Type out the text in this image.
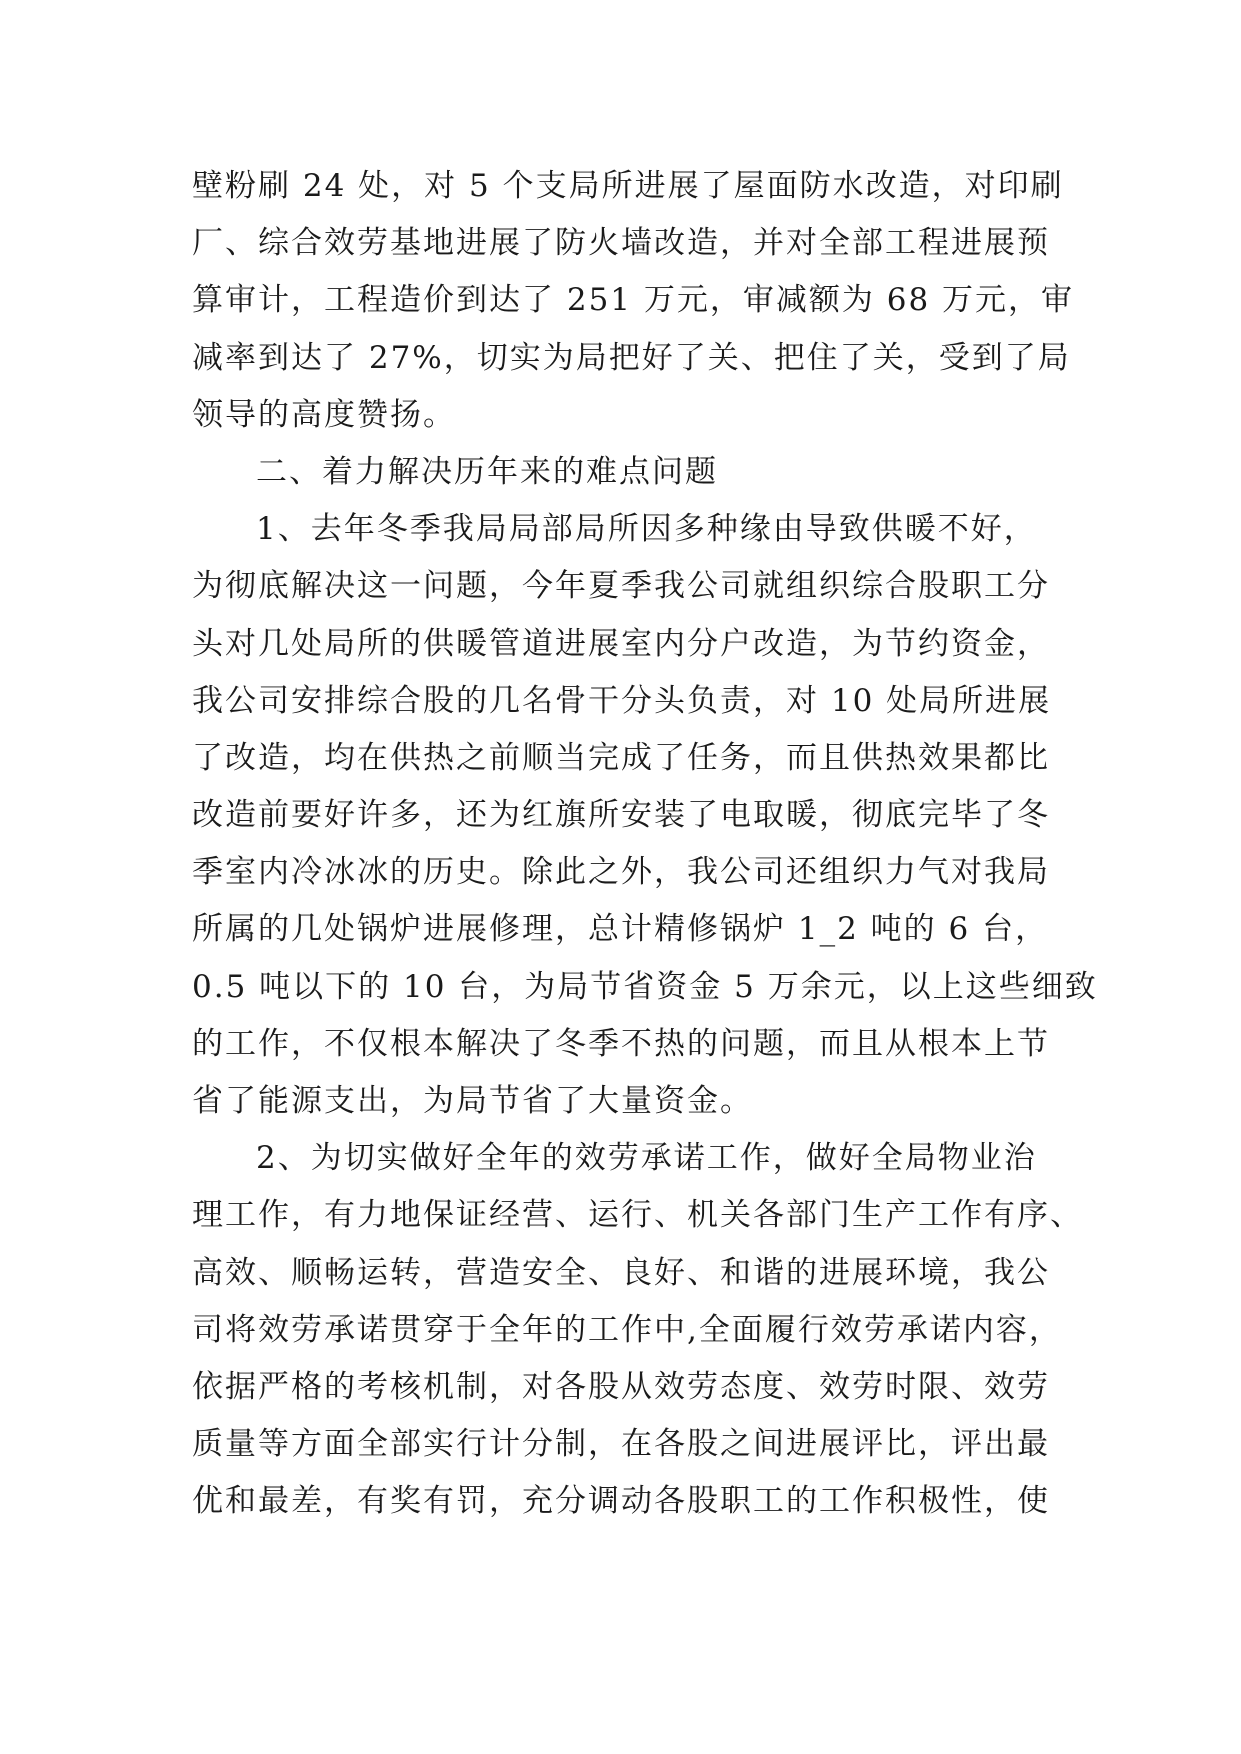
壁粉刷 24 处，对 5 个支局所进展了屋面防水改造，对印刷
厂、综合效劳基地进展了防火墙改造，并对全部工程进展预
算审计，工程造价到达了 251 万元，审减额为 68 万元，审
减率到达了 27%，切实为局把好了关、把住了关，受到了局
领导的高度赞扬。
二、着力解决历年来的难点问题
1、去年冬季我局局部局所因多种缘由导致供暖不好，
为彻底解决这一问题，今年夏季我公司就组织综合股职工分
头对几处局所的供暖管道进展室内分户改造，为节约资金，
我公司安排综合股的几名骨干分头负责，对 10 处局所进展
了改造，均在供热之前顺当完成了任务，而且供热效果都比
改造前要好许多，还为红旗所安装了电取暖，彻底完毕了冬
季室内冷冰冰的历史。除此之外，我公司还组织力气对我局
所属的几处锅炉进展修理，总计精修锅炉 1_2 吨的 6 台，
0.5 吨以下的 10 台，为局节省资金 5 万余元，以上这些细致
的工作，不仅根本解决了冬季不热的问题，而且从根本上节
省了能源支出，为局节省了大量资金。
2、为切实做好全年的效劳承诺工作，做好全局物业治
理工作，有力地保证经营、运行、机关各部门生产工作有序、
高效、顺畅运转，营造安全、良好、和谐的进展环境，我公
司将效劳承诺贯穿于全年的工作中,全面履行效劳承诺内容，
依据严格的考核机制，对各股从效劳态度、效劳时限、效劳
质量等方面全部实行计分制，在各股之间进展评比，评出最
优和最差，有奖有罚，充分调动各股职工的工作积极性，使
